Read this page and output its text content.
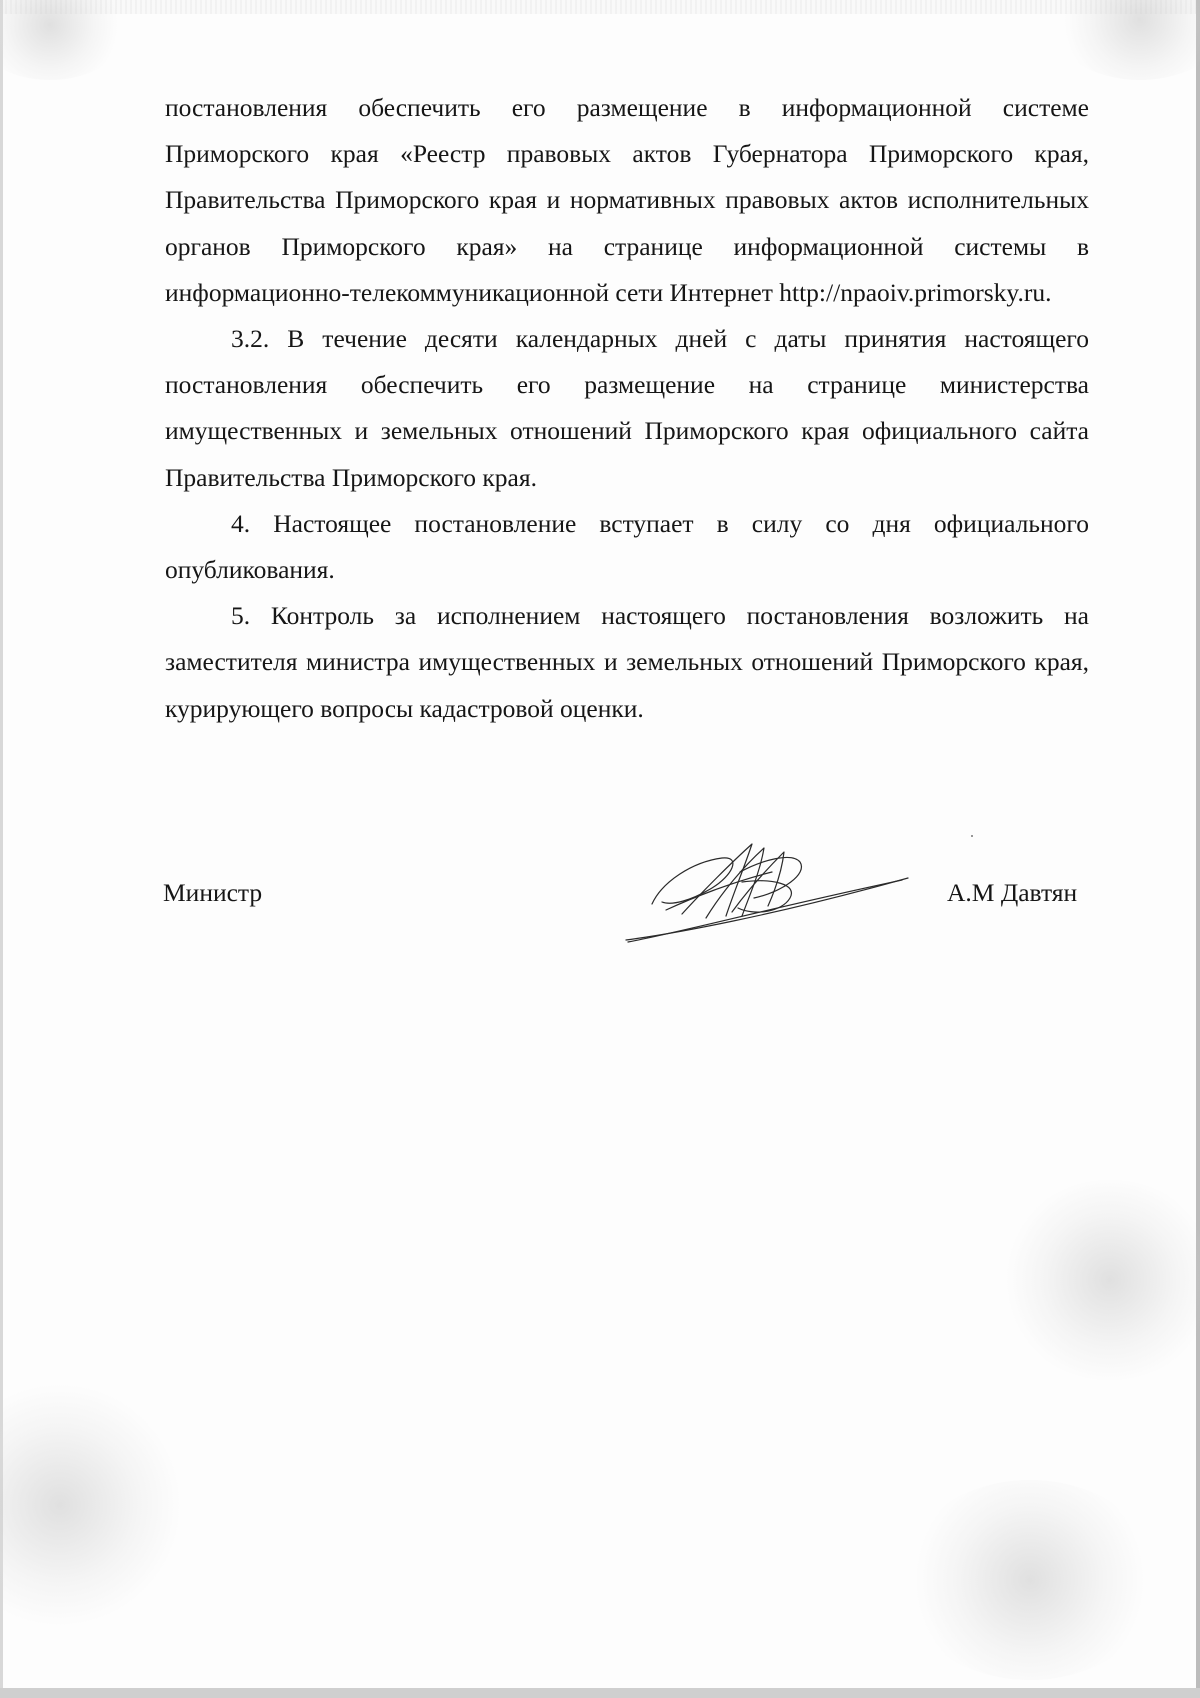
постановления обеспечить его размещение в информационной системе Приморского края «Реестр правовых актов Губернатора Приморского края, Правительства Приморского края и нормативных правовых актов исполнительных органов Приморского края» на странице информационной системы в информационно-телекоммуникационной сети Интернет http://npaoiv.primorsky.ru.

3.2. В течение десяти календарных дней с даты принятия настоящего постановления обеспечить его размещение на странице министерства имущественных и земельных отношений Приморского края официального сайта Правительства Приморского края.

4. Настоящее постановление вступает в силу со дня официального опубликования.

5. Контроль за исполнением настоящего постановления возложить на заместителя министра имущественных и земельных отношений Приморского края, курирующего вопросы кадастровой оценки.

Министр	А.М Давтян
